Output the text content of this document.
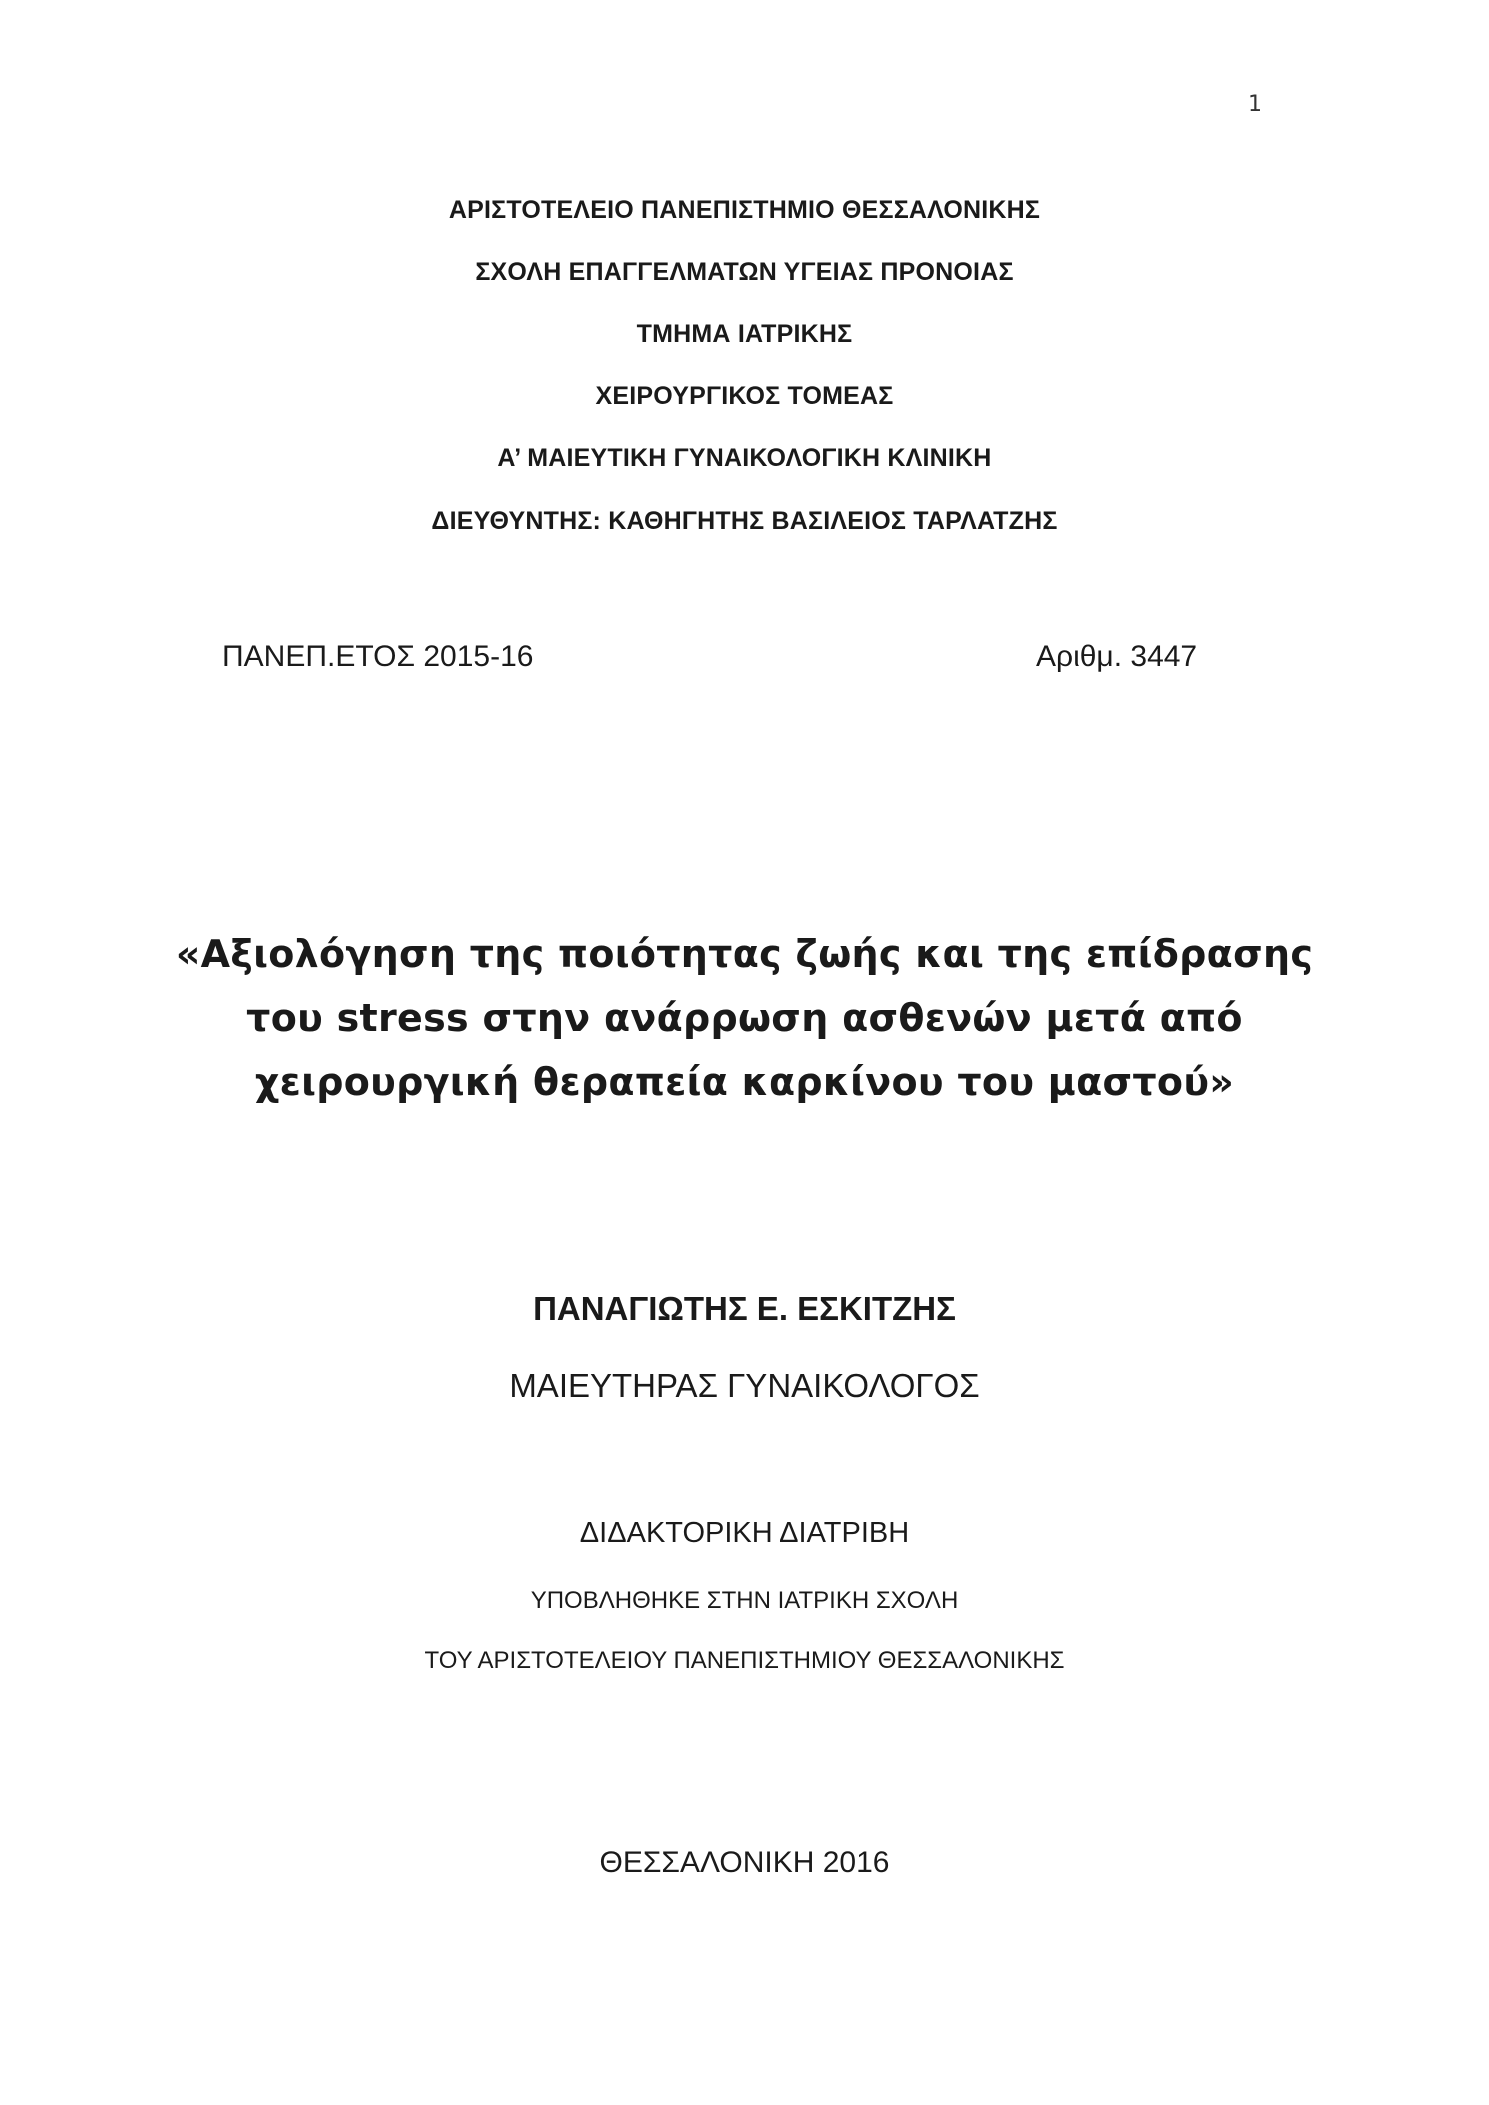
1
ΑΡΙΣΤΟΤΕΛΕΙΟ ΠΑΝΕΠΙΣΤΗΜΙΟ ΘΕΣΣΑΛΟΝΙΚΗΣ
ΣΧΟΛΗ ΕΠΑΓΓΕΛΜΑΤΩΝ ΥΓΕΙΑΣ ΠΡΟΝΟΙΑΣ
ΤΜΗΜΑ ΙΑΤΡΙΚΗΣ
ΧΕΙΡΟΥΡΓΙΚΟΣ ΤΟΜΕΑΣ
Α’ ΜΑΙΕΥΤΙΚΗ ΓΥΝΑΙΚΟΛΟΓΙΚΗ ΚΛΙΝΙΚΗ
ΔΙΕΥΘΥΝΤΗΣ: ΚΑΘΗΓΗΤΗΣ ΒΑΣΙΛΕΙΟΣ ΤΑΡΛΑΤΖΗΣ
ΠΑΝΕΠ.ΕΤΟΣ 2015-16	Αριθμ. 3447
«Αξιολόγηση της ποιότητας ζωής και της επίδρασης
του stress στην ανάρρωση ασθενών μετά από
χειρουργική θεραπεία καρκίνου του μαστού»
ΠΑΝΑΓΙΩΤΗΣ Ε. ΕΣΚΙΤΖΗΣ
ΜΑΙΕΥΤΗΡΑΣ ΓΥΝΑΙΚΟΛΟΓΟΣ
ΔΙΔΑΚΤΟΡΙΚΗ ΔΙΑΤΡΙΒΗ
ΥΠΟΒΛΗΘΗΚΕ ΣΤΗΝ ΙΑΤΡΙΚΗ ΣΧΟΛΗ
ΤΟΥ ΑΡΙΣΤΟΤΕΛΕΙΟΥ ΠΑΝΕΠΙΣΤΗΜΙΟΥ ΘΕΣΣΑΛΟΝΙΚΗΣ
ΘΕΣΣΑΛΟΝΙΚΗ 2016
